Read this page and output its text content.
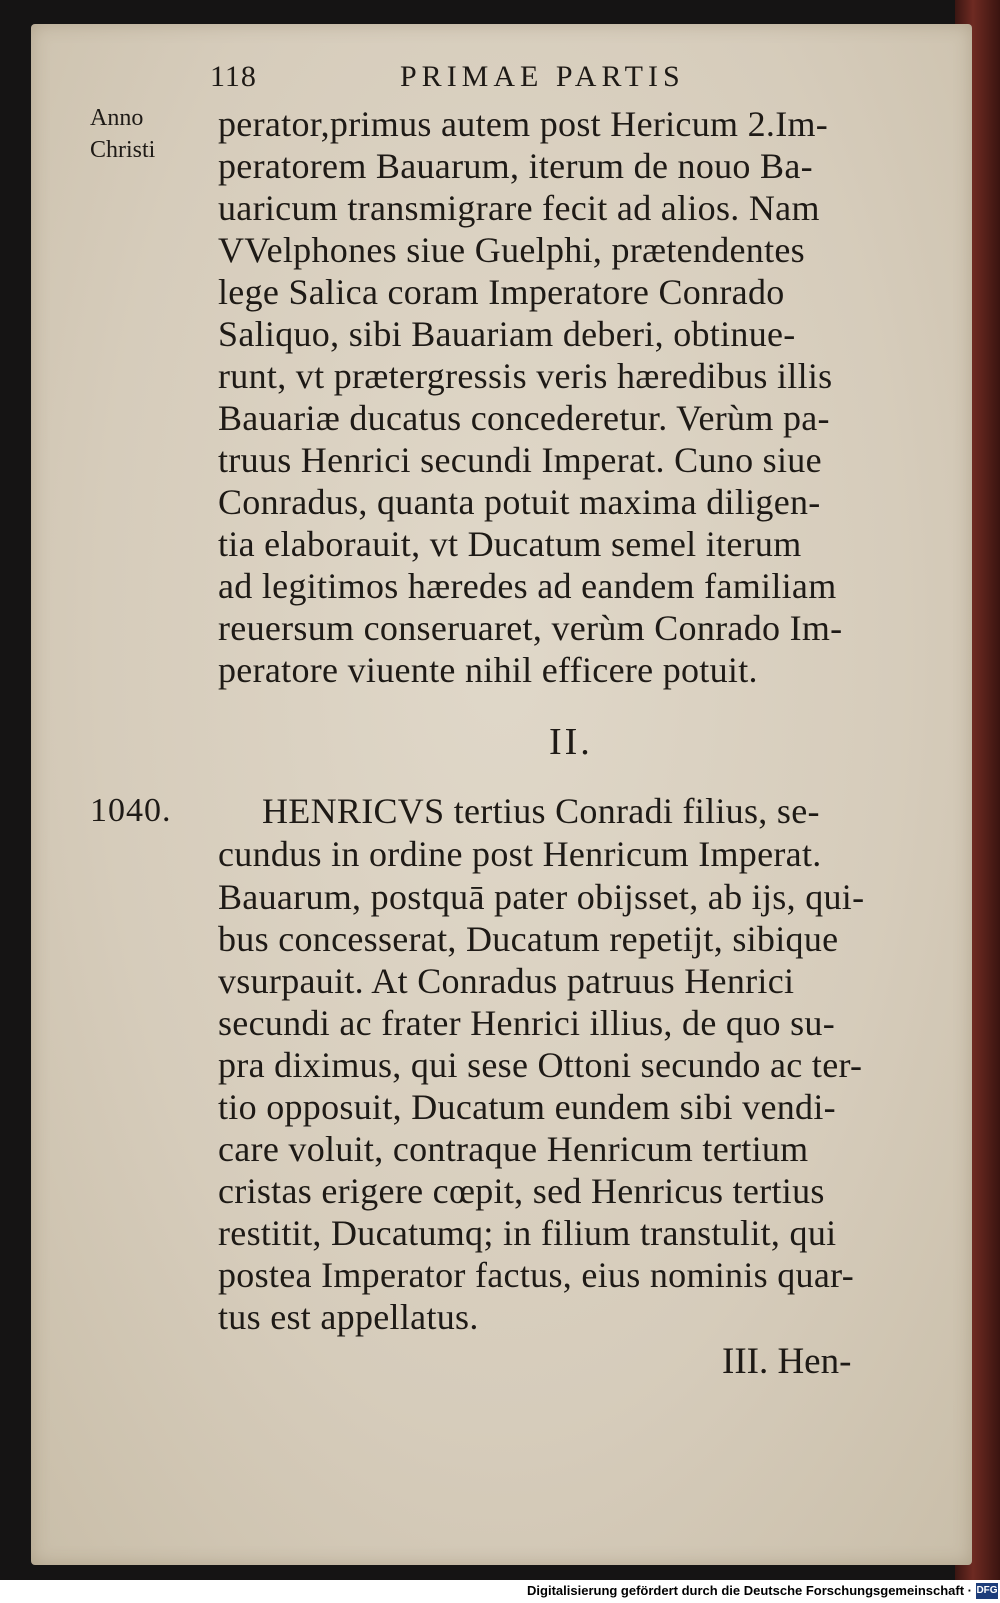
118	PRIMAE PARTIS
Anno
Christi
perator,primus autem post Hericum 2.Im-
peratorem Bauarum, iterum de nouo Ba-
uaricum transmigrare fecit ad alios. Nam
VVelphones siue Guelphi, prætendentes
lege Salica coram Imperatore Conrado
Saliquo, sibi Bauariam deberi, obtinue-
runt, vt prætergressis veris hæredibus illis
Bauariæ ducatus concederetur. Verùm pa-
truus Henrici secundi Imperat. Cuno siue
Conradus, quanta potuit maxima diligen-
tia elaborauit, vt Ducatum semel iterum
ad legitimos hæredes ad eandem familiam
reuersum conseruaret, verùm Conrado Im-
peratore viuente nihil efficere potuit.
II.
1040.	HENRICVS tertius Conradi filius, se-
cundus in ordine post Henricum Imperat.
Bauarum, postquā pater obijsset, ab ijs, qui-
bus concesserat, Ducatum repetijt, sibique
vsurpauit. At Conradus patruus Henrici
secundi ac frater Henrici illius, de quo su-
pra diximus, qui sese Ottoni secundo ac ter-
tio opposuit, Ducatum eundem sibi vendi-
care voluit, contraque Henricum tertium
cristas erigere cœpit, sed Henricus tertius
restitit, Ducatumq; in filium transtulit, qui
postea Imperator factus, eius nominis quar-
tus est appellatus.
III. Hen-
Digitalisierung gefördert durch die Deutsche Forschungsgemeinschaft · DFG
